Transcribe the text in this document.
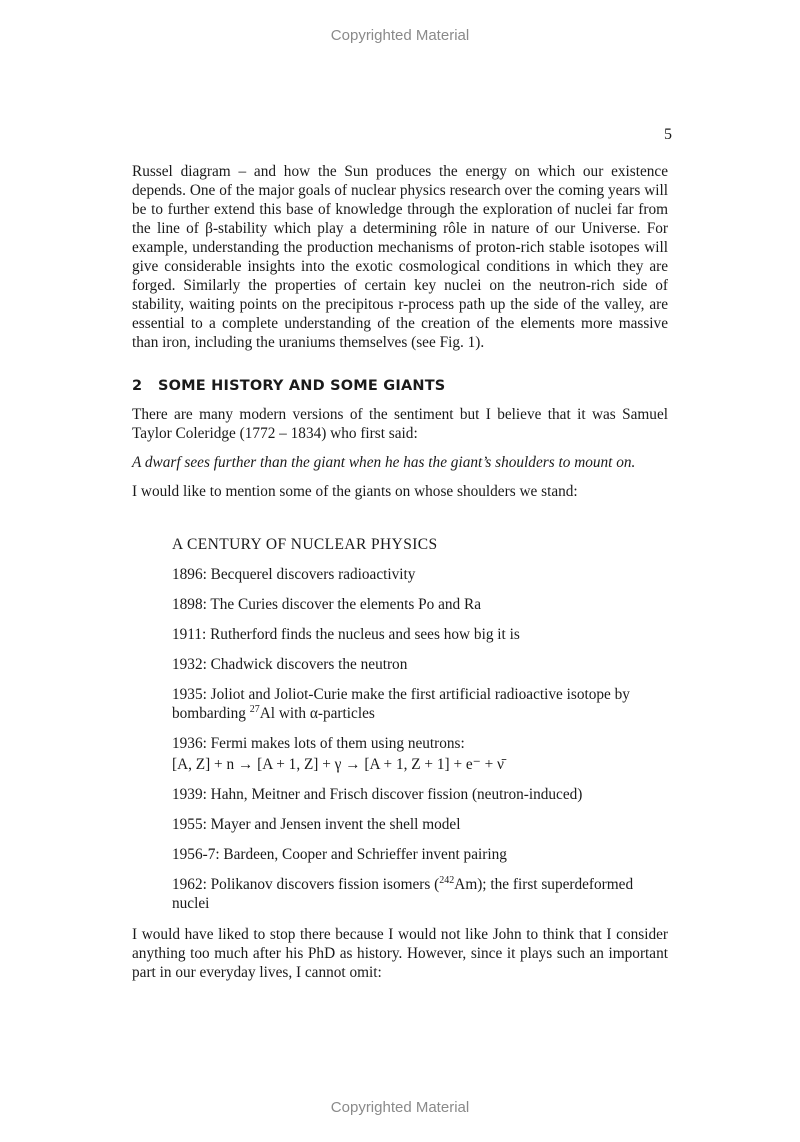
Copyrighted Material
5

Russel diagram – and how the Sun produces the energy on which our existence depends. One of the major goals of nuclear physics research over the coming years will be to further extend this base of knowledge through the exploration of nuclei far from the line of β-stability which play a determining rôle in nature of our Universe. For example, understanding the production mechanisms of proton-rich stable isotopes will give considerable insights into the exotic cosmological conditions in which they are forged. Similarly the properties of certain key nuclei on the neutron-rich side of stability, waiting points on the precipitous r-process path up the side of the valley, are essential to a complete understanding of the creation of the elements more massive than iron, including the uraniums themselves (see Fig. 1).

2 SOME HISTORY AND SOME GIANTS

There are many modern versions of the sentiment but I believe that it was Samuel Taylor Coleridge (1772 – 1834) who first said:

A dwarf sees further than the giant when he has the giant’s shoulders to mount on.

I would like to mention some of the giants on whose shoulders we stand:

A CENTURY OF NUCLEAR PHYSICS
1896 : Becquerel discovers radioactivity
1898 : The Curies discover the elements Po and Ra
1911 : Rutherford finds the nucleus and sees how big it is
1932 : Chadwick discovers the neutron
1935 : Joliot and Joliot-Curie make the first artificial radioactive isotope by bombarding $^{27}$Al with α-particles
1936 : Fermi makes lots of them using neutrons:
[A, Z] + n → [A + 1, Z] + γ → [A + 1, Z + 1] + e⁻ + ν̄
1939 : Hahn, Meitner and Frisch discover fission (neutron-induced)
1955 : Mayer and Jensen invent the shell model
1956-7 : Bardeen, Cooper and Schrieffer invent pairing
1962 : Polikanov discovers fission isomers ($^{242}$Am); the first superdeformed nuclei

I would have liked to stop there because I would not like John to think that I consider anything too much after his PhD as history. However, since it plays such an important part in our everyday lives, I cannot omit:

Copyrighted Material
